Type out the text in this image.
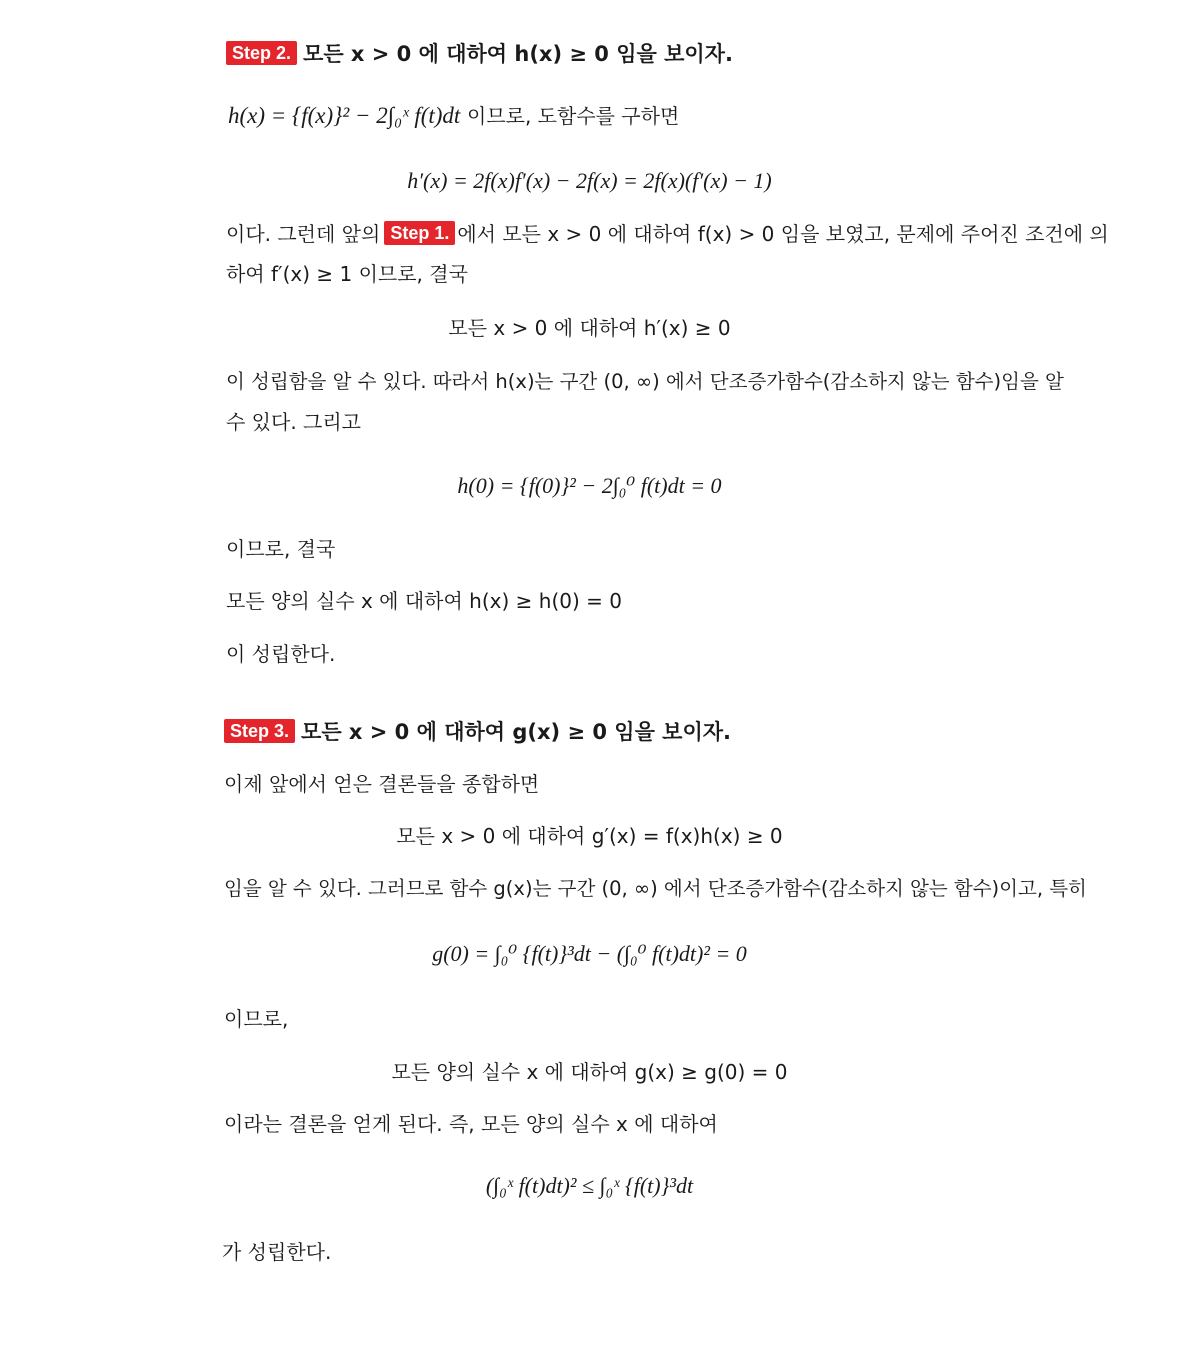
Step 2. 모든 x > 0 에 대하여 h(x) ≥ 0 임을 보이자.
h(x) = {f(x)}² − 2∫₀ˣ f(t)dt 이므로, 도함수를 구하면
h′(x) = 2f(x)f′(x) − 2f(x) = 2f(x)(f′(x) − 1)
이다. 그런데 앞의 Step 1. 에서 모든 x > 0 에 대하여 f(x) > 0 임을 보였고, 문제에 주어진 조건에 의
하여 f′(x) ≥ 1 이므로, 결국
모든 x > 0 에 대하여 h′(x) ≥ 0
이 성립함을 알 수 있다. 따라서 h(x)는 구간 (0, ∞) 에서 단조증가함수(감소하지 않는 함수)임을 알
수 있다. 그리고
h(0) = {f(0)}² − 2∫₀⁰ f(t)dt = 0
이므로, 결국
모든 양의 실수 x 에 대하여 h(x) ≥ h(0) = 0
이 성립한다.
Step 3. 모든 x > 0 에 대하여 g(x) ≥ 0 임을 보이자.
이제 앞에서 얻은 결론들을 종합하면
모든 x > 0 에 대하여 g′(x) = f(x)h(x) ≥ 0
임을 알 수 있다. 그러므로 함수 g(x)는 구간 (0, ∞) 에서 단조증가함수(감소하지 않는 함수)이고, 특히
g(0) = ∫₀⁰ {f(t)}³dt − (∫₀⁰ f(t)dt)² = 0
이므로,
모든 양의 실수 x 에 대하여 g(x) ≥ g(0) = 0
이라는 결론을 얻게 된다. 즉, 모든 양의 실수 x 에 대하여
(∫₀ˣ f(t)dt)² ≤ ∫₀ˣ {f(t)}³dt
가 성립한다.
